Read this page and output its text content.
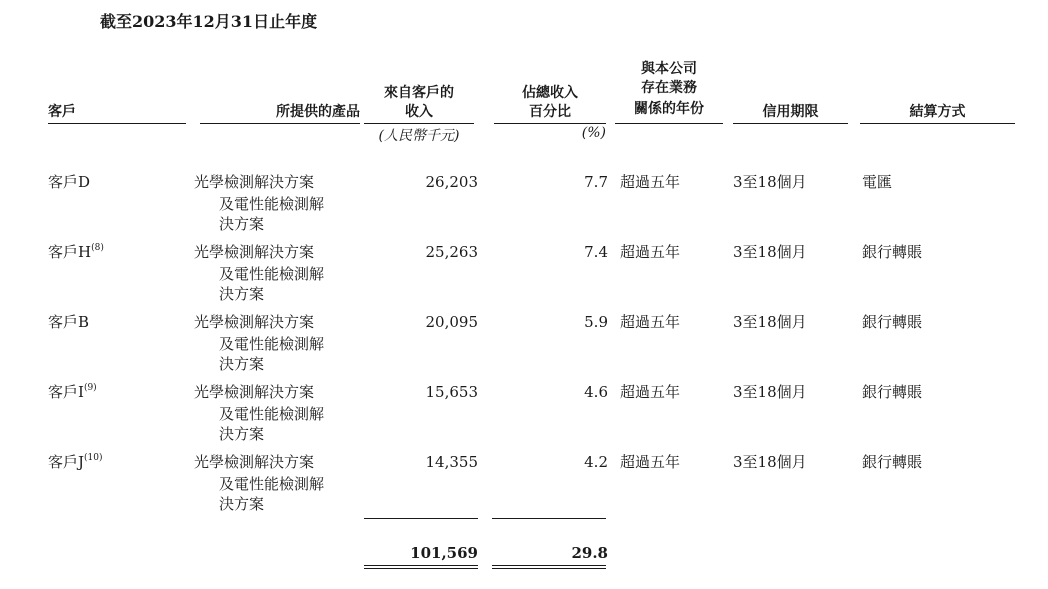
截至2023年12月31日止年度
客戶	所提供的產品
來自客戶的
收入
(人民幣千元)
佔總收入
百分比
(%)
與本公司
存在業務
關係的年份	信用期限	結算方式
客戶D	光學檢測解決方案
及電性能檢測解
決方案
26,203	7.7 超過五年	3至18個月	電匯
客戶$H^{(8)}$	光學檢測解決方案
及電性能檢測解
決方案
25,263	7.4 超過五年	3至18個月	銀行轉賬
客戶B	光學檢測解決方案
及電性能檢測解
決方案
20,095	5.9 超過五年	3至18個月	銀行轉賬
客戶$I^{(9)}$	光學檢測解決方案
及電性能檢測解
決方案
15,653	4.6 超過五年	3至18個月	銀行轉賬
客戶$J^{(10)}$	光學檢測解決方案
及電性能檢測解
決方案
14,355	4.2 超過五年	3至18個月	銀行轉賬
101,569	29.8
